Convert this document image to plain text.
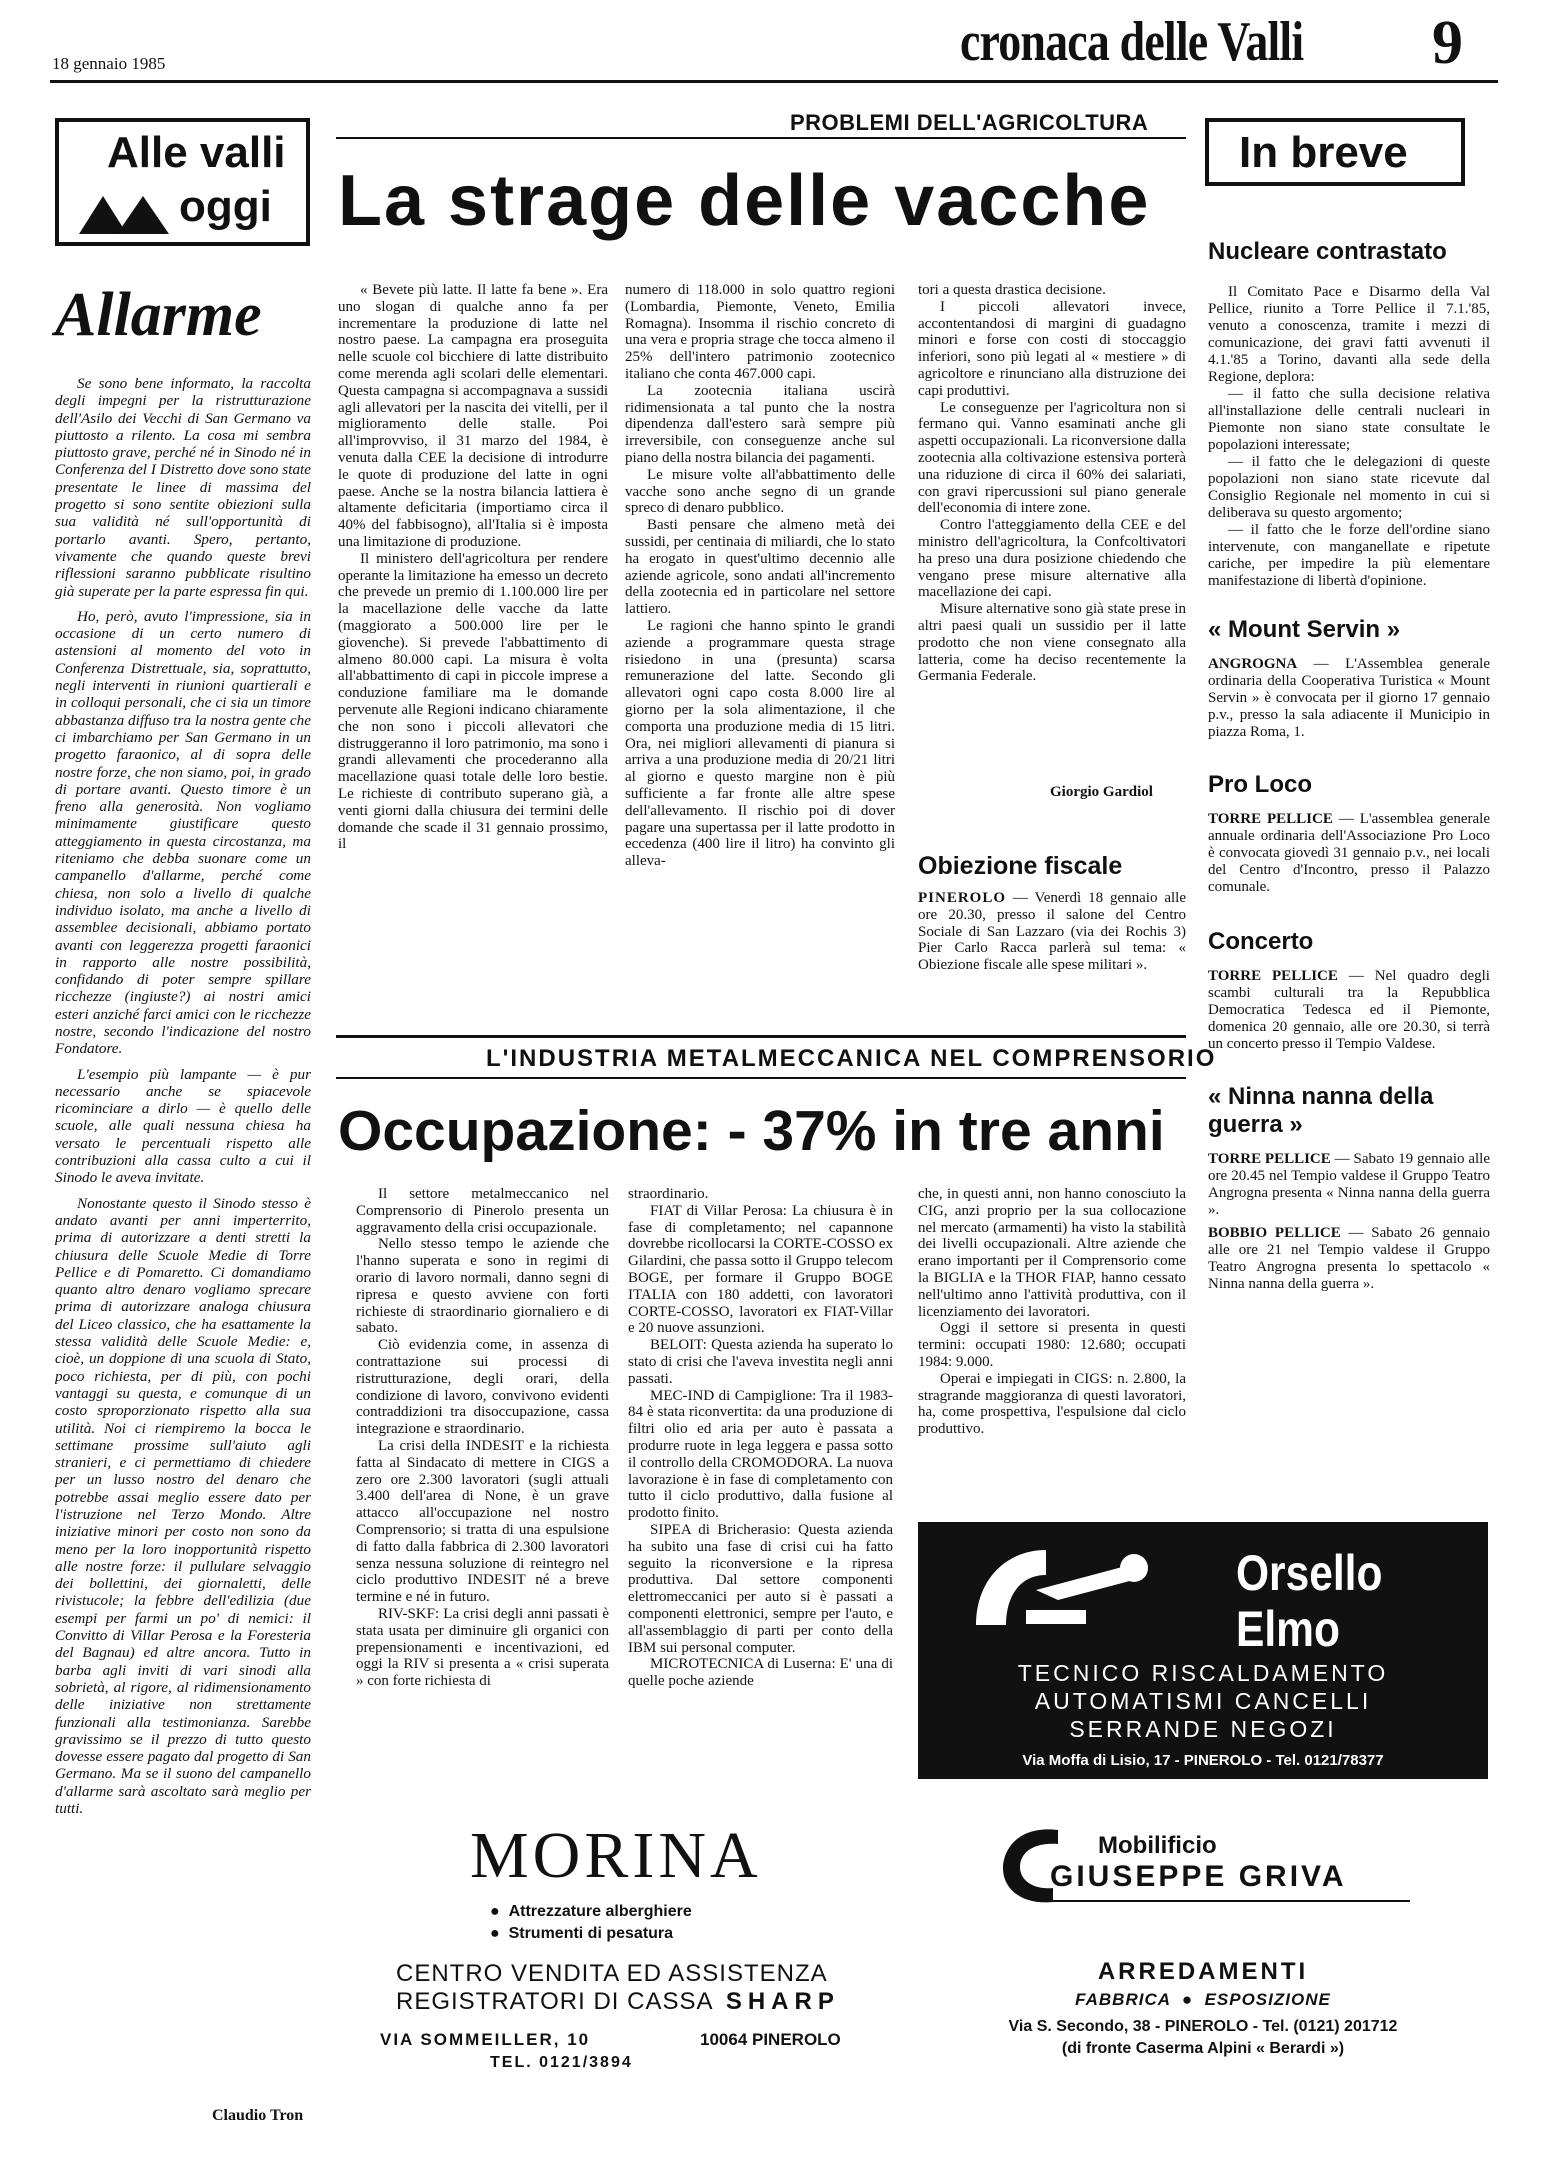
18 gennaio 1985	cronaca delle Valli 9
Alle valli
oggi
Allarme

Se sono bene informato, la raccolta degli impegni per la ristrutturazione dell'Asilo dei Vecchi di San Germano va piuttosto a rilento. La cosa mi sembra piuttosto grave, perché né in Sinodo né in Conferenza del I Distretto dove sono state presentate le linee di massima del progetto si sono sentite obiezioni sulla sua validità né sull'opportunità di portarlo avanti. Spero, pertanto, vivamente che quando queste brevi riflessioni saranno pubblicate risultino già superate per la parte espressa fin qui.

Ho, però, avuto l'impressione, sia in occasione di un certo numero di astensioni al momento del voto in Conferenza Distrettuale, sia, soprattutto, negli interventi in riunioni quartierali e in colloqui personali, che ci sia un timore abbastanza diffuso tra la nostra gente che ci imbarchiamo per San Germano in un progetto faraonico, al di sopra delle nostre forze, che non siamo, poi, in grado di portare avanti. Questo timore è un freno alla generosità. Non vogliamo minimamente giustificare questo atteggiamento in questa circostanza, ma riteniamo che debba suonare come un campanello d'allarme, perché come chiesa, non solo a livello di qualche individuo isolato, ma anche a livello di assemblee decisionali, abbiamo portato avanti con leggerezza progetti faraonici in rapporto alle nostre possibilità, confidando di poter sempre spillare ricchezze (ingiuste?) ai nostri amici esteri anziché farci amici con le ricchezze nostre, secondo l'indicazione del nostro Fondatore.

L'esempio più lampante — è pur necessario anche se spiacevole ricominciare a dirlo — è quello delle scuole, alle quali nessuna chiesa ha versato le percentuali rispetto alle contribuzioni alla cassa culto a cui il Sinodo le aveva invitate.

Nonostante questo il Sinodo stesso è andato avanti per anni imperterrito, prima di autorizzare a denti stretti la chiusura delle Scuole Medie di Torre Pellice e di Pomaretto. Ci domandiamo quanto altro denaro vogliamo sprecare prima di autorizzare analoga chiusura del Liceo classico, che ha esattamente la stessa validità delle Scuole Medie: e, cioè, un doppione di una scuola di Stato, poco richiesta, per di più, con pochi vantaggi su questa, e comunque di un costo sproporzionato rispetto alla sua utilità. Noi ci riempiremo la bocca le settimane prossime sull'aiuto agli stranieri, e ci permettiamo di chiedere per un lusso nostro del denaro che potrebbe assai meglio essere dato per l'istruzione nel Terzo Mondo. Altre iniziative minori per costo non sono da meno per la loro inopportunità rispetto alle nostre forze: il pullulare selvaggio dei bollettini, dei giornaletti, delle rivistucole; la febbre dell'edilizia (due esempi per farmi un po' di nemici: il Convitto di Villar Perosa e la Foresteria del Bagnau) ed altre ancora. Tutto in barba agli inviti di vari sinodi alla sobrietà, al rigore, al ridimensionamento delle iniziative non strettamente funzionali alla testimonianza. Sarebbe gravissimo se il prezzo di tutto questo dovesse essere pagato dal progetto di San Germano. Ma se il suono del campanello d'allarme sarà ascoltato sarà meglio per tutti.

Claudio Tron
PROBLEMI DELL'AGRICOLTURA
La strage delle vacche

« Bevete più latte. Il latte fa bene ». Era uno slogan di qualche anno fa per incrementare la produzione di latte nel nostro paese. La campagna era proseguita nelle scuole col bicchiere di latte distribuito come merenda agli scolari delle elementari. Questa campagna si accompagnava a sussidi agli allevatori per la nascita dei vitelli, per il miglioramento delle stalle. Poi all'improvviso, il 31 marzo del 1984, è venuta dalla CEE la decisione di introdurre le quote di produzione del latte in ogni paese. Anche se la nostra bilancia lattiera è altamente deficitaria (importiamo circa il 40% del fabbisogno), all'Italia si è imposta una limitazione di produzione.

Il ministero dell'agricoltura per rendere operante la limitazione ha emesso un decreto che prevede un premio di 1.100.000 lire per la macellazione delle vacche da latte (maggiorato a 500.000 lire per le giovenche). Si prevede l'abbattimento di almeno 80.000 capi. La misura è volta all'abbattimento di capi in piccole imprese a conduzione familiare ma le domande pervenute alle Regioni indicano chiaramente che non sono i piccoli allevatori che distruggeranno il loro patrimonio, ma sono i grandi allevamenti che procederanno alla macellazione quasi totale delle loro bestie. Le richieste di contributo superano già, a venti giorni dalla chiusura dei termini delle domande che scade il 31 gennaio prossimo, il

numero di 118.000 in solo quattro regioni (Lombardia, Piemonte, Veneto, Emilia Romagna). Insomma il rischio concreto di una vera e propria strage che tocca almeno il 25% dell'intero patrimonio zootecnico italiano che conta 467.000 capi.

La zootecnia italiana uscirà ridimensionata a tal punto che la nostra dipendenza dall'estero sarà sempre più irreversibile, con conseguenze anche sul piano della nostra bilancia dei pagamenti.

Le misure volte all'abbattimento delle vacche sono anche segno di un grande spreco di denaro pubblico.

Basti pensare che almeno metà dei sussidi, per centinaia di miliardi, che lo stato ha erogato in quest'ultimo decennio alle aziende agricole, sono andati all'incremento della zootecnia ed in particolare nel settore lattiero.

Le ragioni che hanno spinto le grandi aziende a programmare questa strage risiedono in una (presunta) scarsa remunerazione del latte. Secondo gli allevatori ogni capo costa 8.000 lire al giorno per la sola alimentazione, il che comporta una produzione media di 15 litri. Ora, nei migliori allevamenti di pianura si arriva a una produzione media di 20/21 litri al giorno e questo margine non è più sufficiente a far fronte alle altre spese dell'allevamento. Il rischio poi di dover pagare una supertassa per il latte prodotto in eccedenza (400 lire il litro) ha convinto gli alleva-

tori a questa drastica decisione.

I piccoli allevatori invece, accontentandosi di margini di guadagno minori e forse con costi di stoccaggio inferiori, sono più legati al « mestiere » di agricoltore e rinunciano alla distruzione dei capi produttivi.

Le conseguenze per l'agricoltura non si fermano qui. Vanno esaminati anche gli aspetti occupazionali. La riconversione dalla zootecnia alla coltivazione estensiva porterà una riduzione di circa il 60% dei salariati, con gravi ripercussioni sul piano generale dell'economia di intere zone.

Contro l'atteggiamento della CEE e del ministro dell'agricoltura, la Confcoltivatori ha preso una dura posizione chiedendo che vengano prese misure alternative alla macellazione dei capi.

Misure alternative sono già state prese in altri paesi quali un sussidio per il latte prodotto che non viene consegnato alla latteria, come ha deciso recentemente la Germania Federale.

Giorgio Gardiol
Obiezione fiscale

PINEROLO — Venerdì 18 gennaio alle ore 20.30, presso il salone del Centro Sociale di San Lazzaro (via dei Rochis 3) Pier Carlo Racca parlerà sul tema: « Obiezione fiscale alle spese militari ».

L'INDUSTRIA METALMECCANICA NEL COMPRENSORIO
Occupazione: - 37% in tre anni

Il settore metalmeccanico nel Comprensorio di Pinerolo presenta un aggravamento della crisi occupazionale.

Nello stesso tempo le aziende che l'hanno superata e sono in regimi di orario di lavoro normali, danno segni di ripresa e questo avviene con forti richieste di straordinario giornaliero e di sabato.

Ciò evidenzia come, in assenza di contrattazione sui processi di ristrutturazione, degli orari, della condizione di lavoro, convivono evidenti contraddizioni tra disoccupazione, cassa integrazione e straordinario.

La crisi della INDESIT e la richiesta fatta al Sindacato di mettere in CIGS a zero ore 2.300 lavoratori (sugli attuali 3.400 dell'area di None, è un grave attacco all'occupazione nel nostro Comprensorio; si tratta di una espulsione di fatto dalla fabbrica di 2.300 lavoratori senza nessuna soluzione di reintegro nel ciclo produttivo INDESIT né a breve termine e né in futuro.

RIV-SKF: La crisi degli anni passati è stata usata per diminuire gli organici con prepensionamenti e incentivazioni, ed oggi la RIV si presenta a « crisi superata » con forte richiesta di

straordinario.

FIAT di Villar Perosa: La chiusura è in fase di completamento; nel capannone dovrebbe ricollocarsi la CORTE-COSSO ex Gilardini, che passa sotto il Gruppo telecom BOGE, per formare il Gruppo BOGE ITALIA con 180 addetti, con lavoratori CORTE-COSSO, lavoratori ex FIAT-Villar e 20 nuove assunzioni.

BELOIT: Questa azienda ha superato lo stato di crisi che l'aveva investita negli anni passati.

MEC-IND di Campiglione: Tra il 1983-84 è stata riconvertita: da una produzione di filtri olio ed aria per auto è passata a produrre ruote in lega leggera e passa sotto il controllo della CROMODORA. La nuova lavorazione è in fase di completamento con tutto il ciclo produttivo, dalla fusione al prodotto finito.

SIPEA di Bricherasio: Questa azienda ha subito una fase di crisi cui ha fatto seguito la riconversione e la ripresa produttiva. Dal settore componenti elettromeccanici per auto si è passati a componenti elettronici, sempre per l'auto, e all'assemblaggio di parti per conto della IBM sui personal computer.

MICROTECNICA di Luserna: E' una di quelle poche aziende

che, in questi anni, non hanno conosciuto la CIG, anzi proprio per la sua collocazione nel mercato (armamenti) ha visto la stabilità dei livelli occupazionali. Altre aziende che erano importanti per il Comprensorio come la BIGLIA e la THOR FIAP, hanno cessato nell'ultimo anno l'attività produttiva, con il licenziamento dei lavoratori.

Oggi il settore si presenta in questi termini: occupati 1980: 12.680; occupati 1984: 9.000.

Operai e impiegati in CIGS: n. 2.800, la stragrande maggioranza di questi lavoratori, ha, come prospettiva, l'espulsione dal ciclo produttivo.

In breve
Nucleare contrastato

Il Comitato Pace e Disarmo della Val Pellice, riunito a Torre Pellice il 7.1.'85, venuto a conoscenza, tramite i mezzi di comunicazione, dei gravi fatti avvenuti il 4.1.'85 a Torino, davanti alla sede della Regione, deplora:

— il fatto che sulla decisione relativa all'installazione delle centrali nucleari in Piemonte non siano state consultate le popolazioni interessate;

— il fatto che le delegazioni di queste popolazioni non siano state ricevute dal Consiglio Regionale nel momento in cui si deliberava su questo argomento;

— il fatto che le forze dell'ordine siano intervenute, con manganellate e ripetute cariche, per impedire la più elementare manifestazione di libertà d'opinione.

« Mount Servin »

ANGROGNA — L'Assemblea generale ordinaria della Cooperativa Turistica « Mount Servin » è convocata per il giorno 17 gennaio p.v., presso la sala adiacente il Municipio in piazza Roma, 1.

Pro Loco

TORRE PELLICE — L'assemblea generale annuale ordinaria dell'Associazione Pro Loco è convocata giovedì 31 gennaio p.v., nei locali del Centro d'Incontro, presso il Palazzo comunale.

Concerto

TORRE PELLICE — Nel quadro degli scambi culturali tra la Repubblica Democratica Tedesca ed il Piemonte, domenica 20 gennaio, alle ore 20.30, si terrà un concerto presso il Tempio Valdese.

« Ninna nanna della guerra »

TORRE PELLICE — Sabato 19 gennaio alle ore 20.45 nel Tempio valdese il Gruppo Teatro Angrogna presenta « Ninna nanna della guerra ».

BOBBIO PELLICE — Sabato 26 gennaio alle ore 21 nel Tempio valdese il Gruppo Teatro Angrogna presenta lo spettacolo « Ninna nanna della guerra ».

Orsello
Elmo
TECNICO RISCALDAMENTO
AUTOMATISMI CANCELLI
SERRANDE NEGOZI
Via Moffa di Lisio, 17 - PINEROLO - Tel. 0121/78377
MORINA
●  Attrezzature alberghiere
●  Strumenti di pesatura
CENTRO VENDITA ED ASSISTENZA
REGISTRATORI DI CASSA SHARP
VIA SOMMEILLER, 10	10064 PINEROLO
TEL. 0121/3894
Mobilificio
GIUSEPPE GRIVA
ARREDAMENTI
FABBRICA  ●  ESPOSIZIONE
Via S. Secondo, 38 - PINEROLO - Tel. (0121) 201712
(di fronte Caserma Alpini « Berardi »)
